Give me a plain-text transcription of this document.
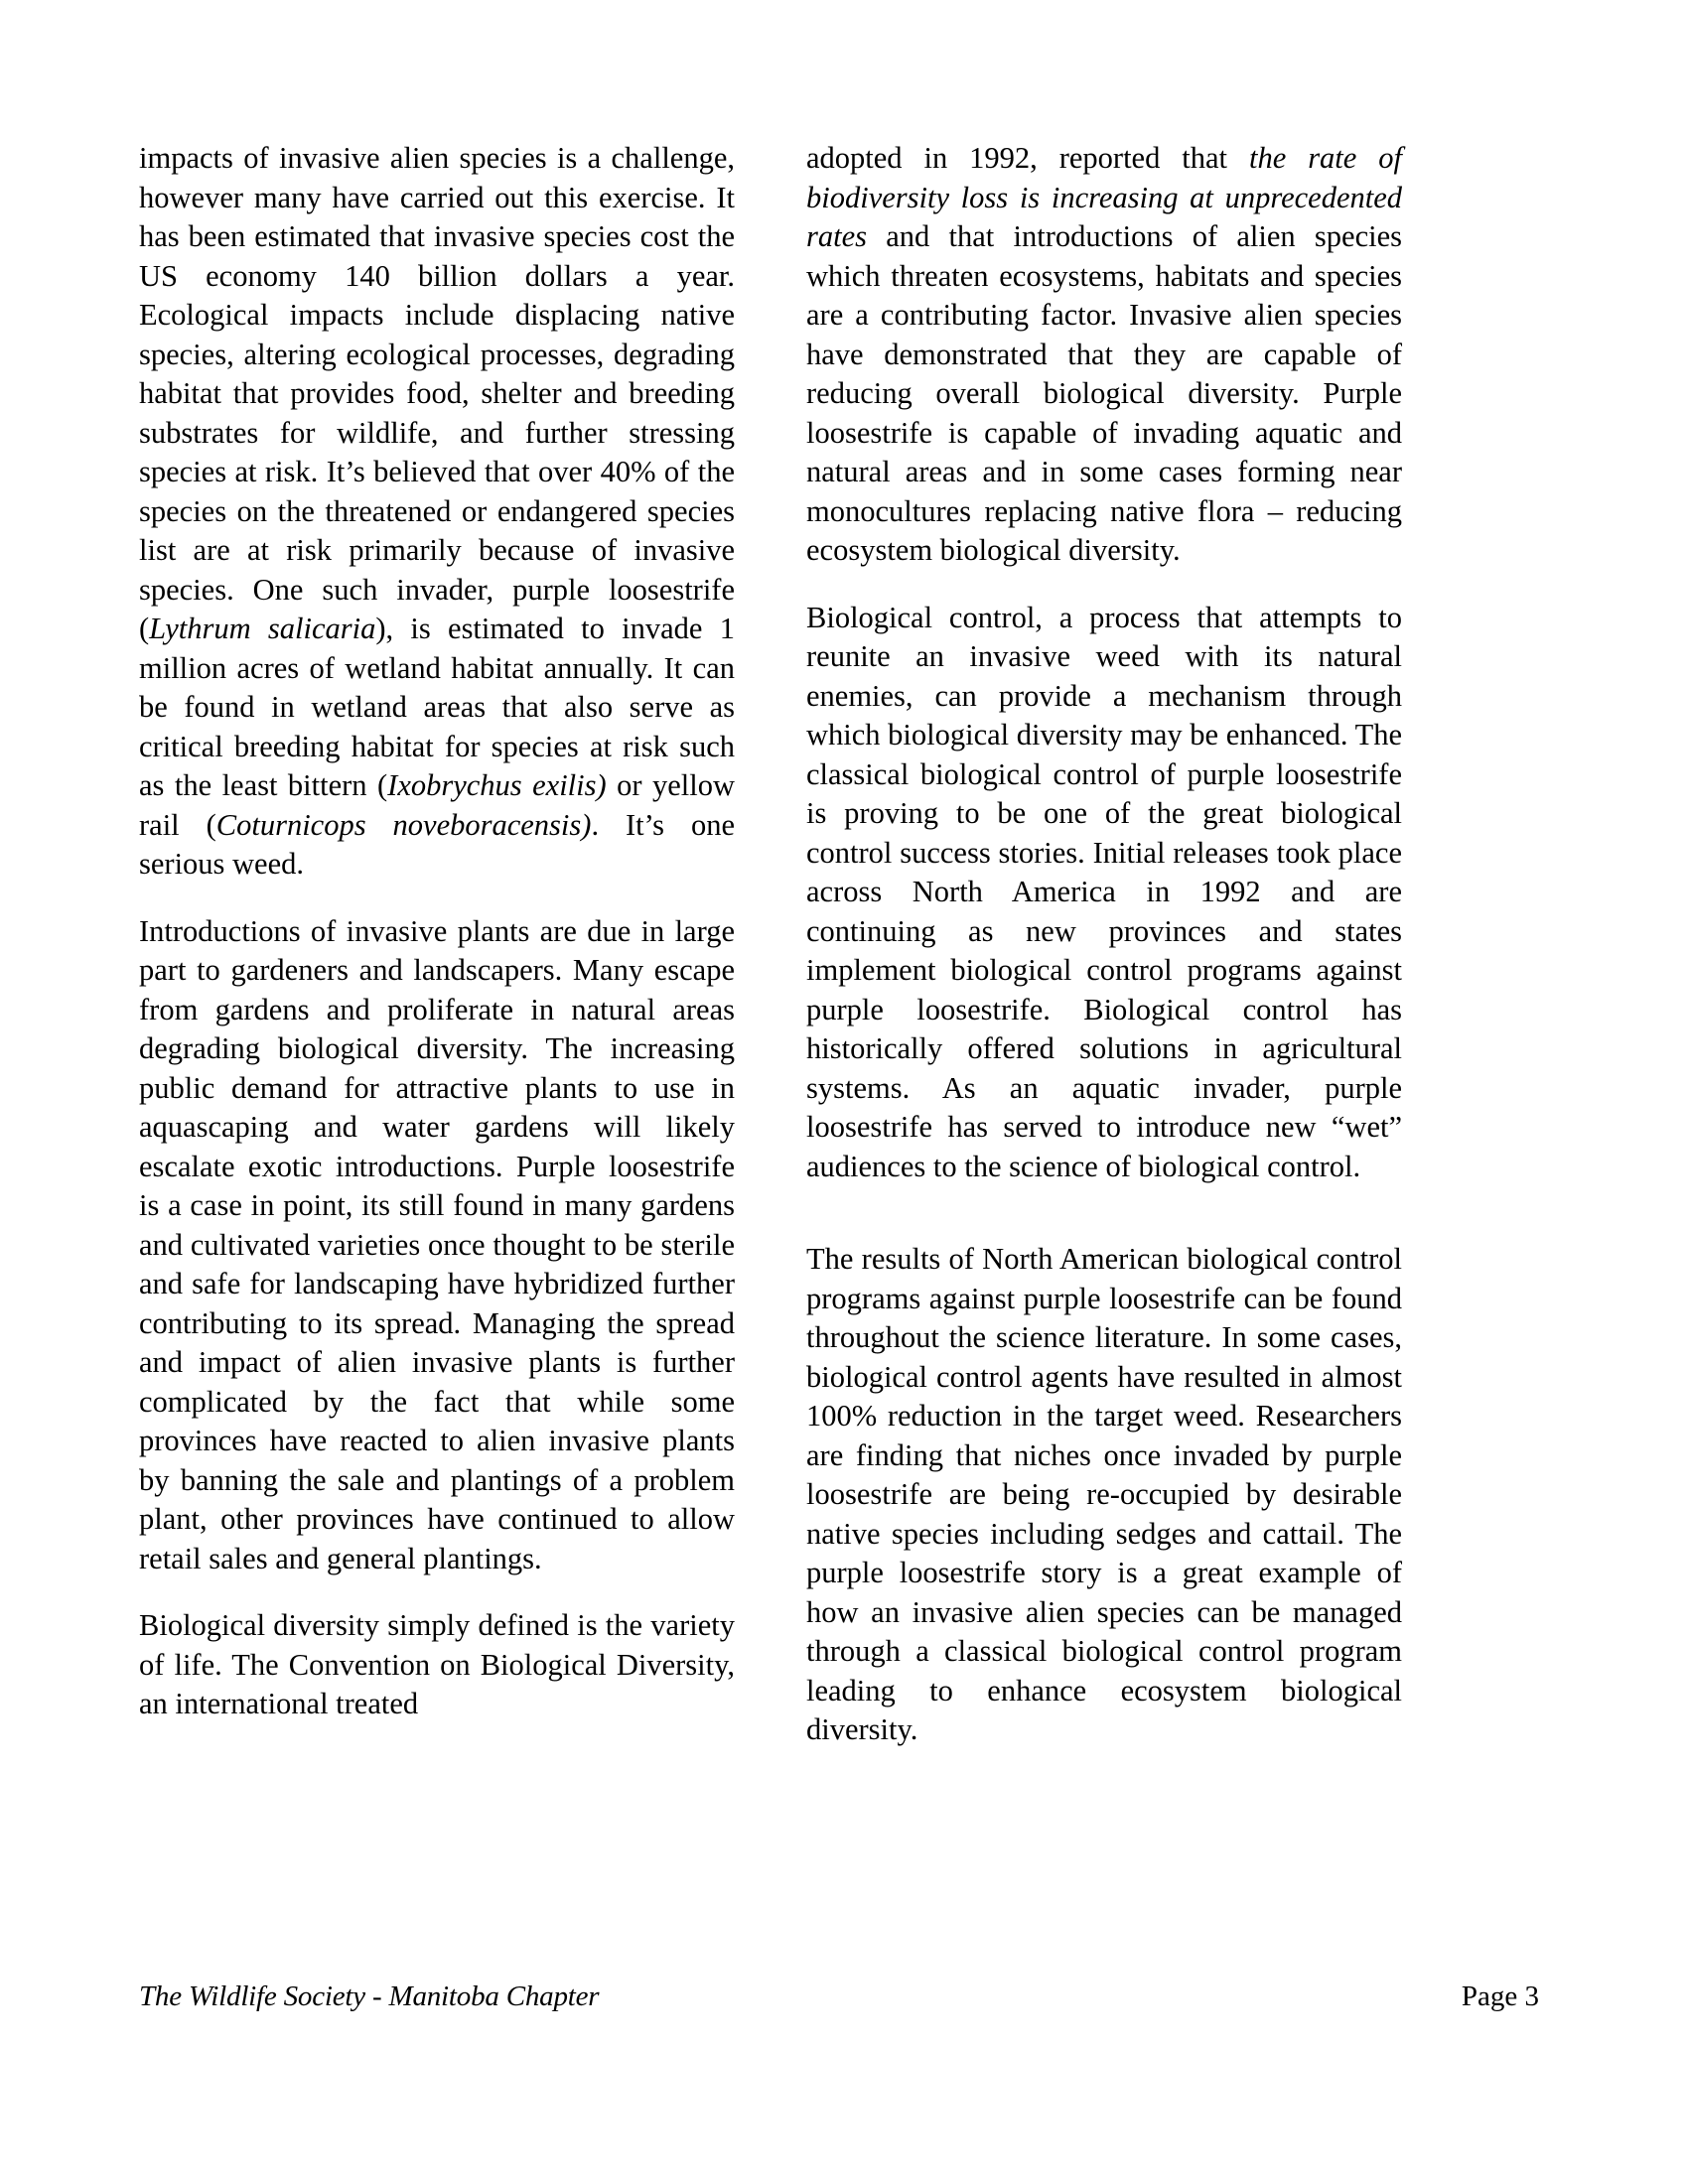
impacts of invasive alien species is a challenge, however many have carried out this exercise. It has been estimated that invasive species cost the US economy 140 billion dollars a year. Ecological impacts include displacing native species, altering ecological processes, degrading habitat that provides food, shelter and breeding substrates for wildlife, and further stressing species at risk. It’s believed that over 40% of the species on the threatened or endangered species list are at risk primarily because of invasive species. One such invader, purple loosestrife (Lythrum salicaria), is estimated to invade 1 million acres of wetland habitat annually. It can be found in wetland areas that also serve as critical breeding habitat for species at risk such as the least bittern (Ixobrychus exilis) or yellow rail (Coturnicops noveboracensis). It’s one serious weed.

Introductions of invasive plants are due in large part to gardeners and landscapers. Many escape from gardens and proliferate in natural areas degrading biological diversity. The increasing public demand for attractive plants to use in aquascaping and water gardens will likely escalate exotic introductions. Purple loosestrife is a case in point, its still found in many gardens and cultivated varieties once thought to be sterile and safe for landscaping have hybridized further contributing to its spread. Managing the spread and impact of alien invasive plants is further complicated by the fact that while some provinces have reacted to alien invasive plants by banning the sale and plantings of a problem plant, other provinces have continued to allow retail sales and general plantings.

Biological diversity simply defined is the variety of life. The Convention on Biological Diversity, an international treated

adopted in 1992, reported that the rate of biodiversity loss is increasing at unprecedented rates and that introductions of alien species which threaten ecosystems, habitats and species are a contributing factor. Invasive alien species have demonstrated that they are capable of reducing overall biological diversity. Purple loosestrife is capable of invading aquatic and natural areas and in some cases forming near monocultures replacing native flora – reducing ecosystem biological diversity.

Biological control, a process that attempts to reunite an invasive weed with its natural enemies, can provide a mechanism through which biological diversity may be enhanced. The classical biological control of purple loosestrife is proving to be one of the great biological control success stories. Initial releases took place across North America in 1992 and are continuing as new provinces and states implement biological control programs against purple loosestrife. Biological control has historically offered solutions in agricultural systems. As an aquatic invader, purple loosestrife has served to introduce new “wet” audiences to the science of biological control.

The results of North American biological control programs against purple loosestrife can be found throughout the science literature. In some cases, biological control agents have resulted in almost 100% reduction in the target weed. Researchers are finding that niches once invaded by purple loosestrife are being re-occupied by desirable native species including sedges and cattail. The purple loosestrife story is a great example of how an invasive alien species can be managed through a classical biological control program leading to enhance ecosystem biological diversity.

The Wildlife Society - Manitoba Chapter	Page 3
